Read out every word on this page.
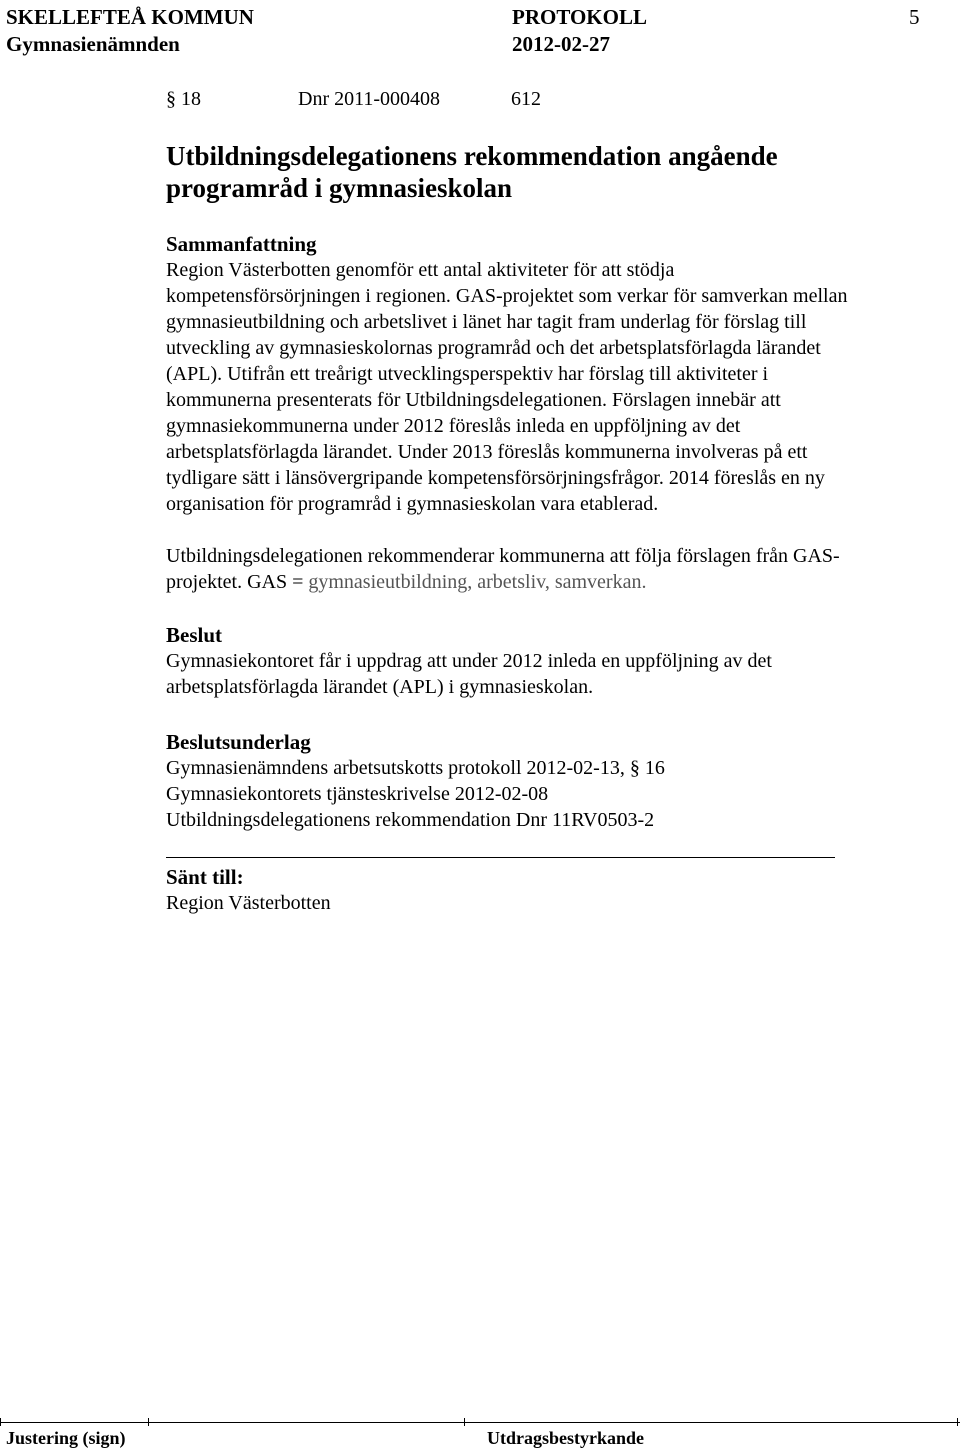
SKELLEFTEÅ KOMMUN	PROTOKOLL	5
Gymnasienämnden	2012-02-27
§ 18	Dnr 2011-000408	612
Utbildningsdelegationens rekommendation angående
programråd i gymnasieskolan
Sammanfattning
Region Västerbotten genomför ett antal aktiviteter för att stödja
kompetensförsörjningen i regionen. GAS-projektet som verkar för samverkan mellan
gymnasieutbildning och arbetslivet i länet har tagit fram underlag för förslag till
utveckling av gymnasieskolornas programråd och det arbetsplatsförlagda lärandet
(APL). Utifrån ett treårigt utvecklingsperspektiv har förslag till aktiviteter i
kommunerna presenterats för Utbildningsdelegationen. Förslagen innebär att
gymnasiekommunerna under 2012 föreslås inleda en uppföljning av det
arbetsplatsförlagda lärandet. Under 2013 föreslås kommunerna involveras på ett
tydligare sätt i länsövergripande kompetensförsörjningsfrågor. 2014 föreslås en ny
organisation för programråd i gymnasieskolan vara etablerad.
Utbildningsdelegationen rekommenderar kommunerna att följa förslagen från GAS-
projektet. GAS = gymnasieutbildning, arbetsliv, samverkan.
Beslut
Gymnasiekontoret får i uppdrag att under 2012 inleda en uppföljning av det
arbetsplatsförlagda lärandet (APL) i gymnasieskolan.
Beslutsunderlag
Gymnasienämndens arbetsutskotts protokoll 2012-02-13, § 16
Gymnasiekontorets tjänsteskrivelse 2012-02-08
Utbildningsdelegationens rekommendation Dnr 11RV0503-2
Sänt till:
Region Västerbotten
Justering (sign)	Utdragsbestyrkande
